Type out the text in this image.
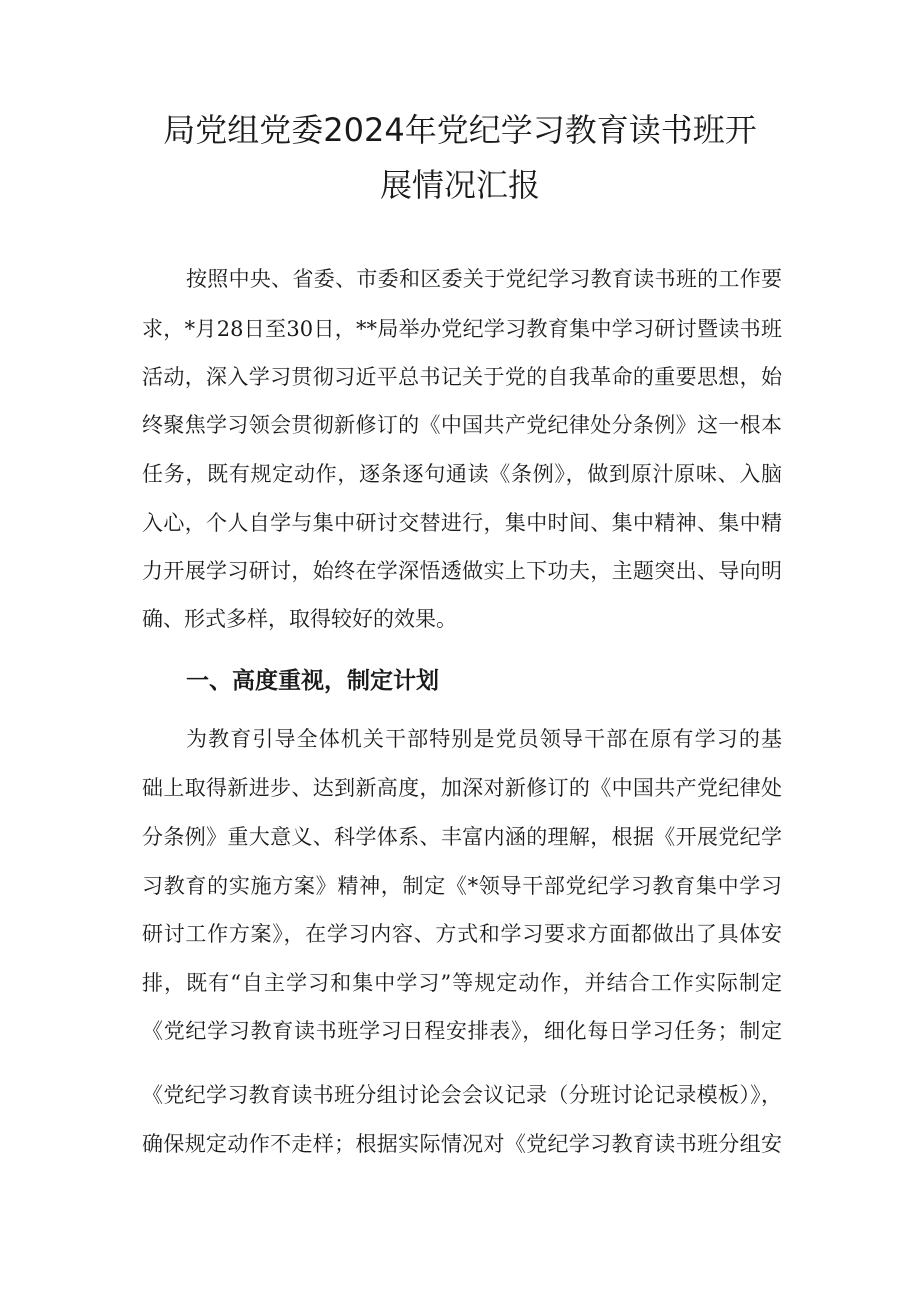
局党组党委2024年党纪学习教育读书班开
展情况汇报

按照中央、省委、市委和区委关于党纪学习教育读书班的工作要

求，*月28日至30日，**局举办党纪学习教育集中学习研讨暨读书班

活动，深入学习贯彻习近平总书记关于党的自我革命的重要思想，始

终聚焦学习领会贯彻新修订的《中国共产党纪律处分条例》这一根本

任务，既有规定动作，逐条逐句通读《条例》，做到原汁原味、入脑

入心，个人自学与集中研讨交替进行，集中时间、集中精神、集中精

力开展学习研讨，始终在学深悟透做实上下功夫，主题突出、导向明

确、形式多样，取得较好的效果。

一、高度重视，制定计划

为教育引导全体机关干部特别是党员领导干部在原有学习的基

础上取得新进步、达到新高度，加深对新修订的《中国共产党纪律处

分条例》重大意义、科学体系、丰富内涵的理解，根据《开展党纪学

习教育的实施方案》精神，制定《*领导干部党纪学习教育集中学习

研讨工作方案》，在学习内容、方式和学习要求方面都做出了具体安

排，既有“自主学习和集中学习”等规定动作，并结合工作实际制定

《党纪学习教育读书班学习日程安排表》，细化每日学习任务；制定

《党纪学习教育读书班分组讨论会会议记录（分班讨论记录模板）》，

确保规定动作不走样；根据实际情况对《党纪学习教育读书班分组安
